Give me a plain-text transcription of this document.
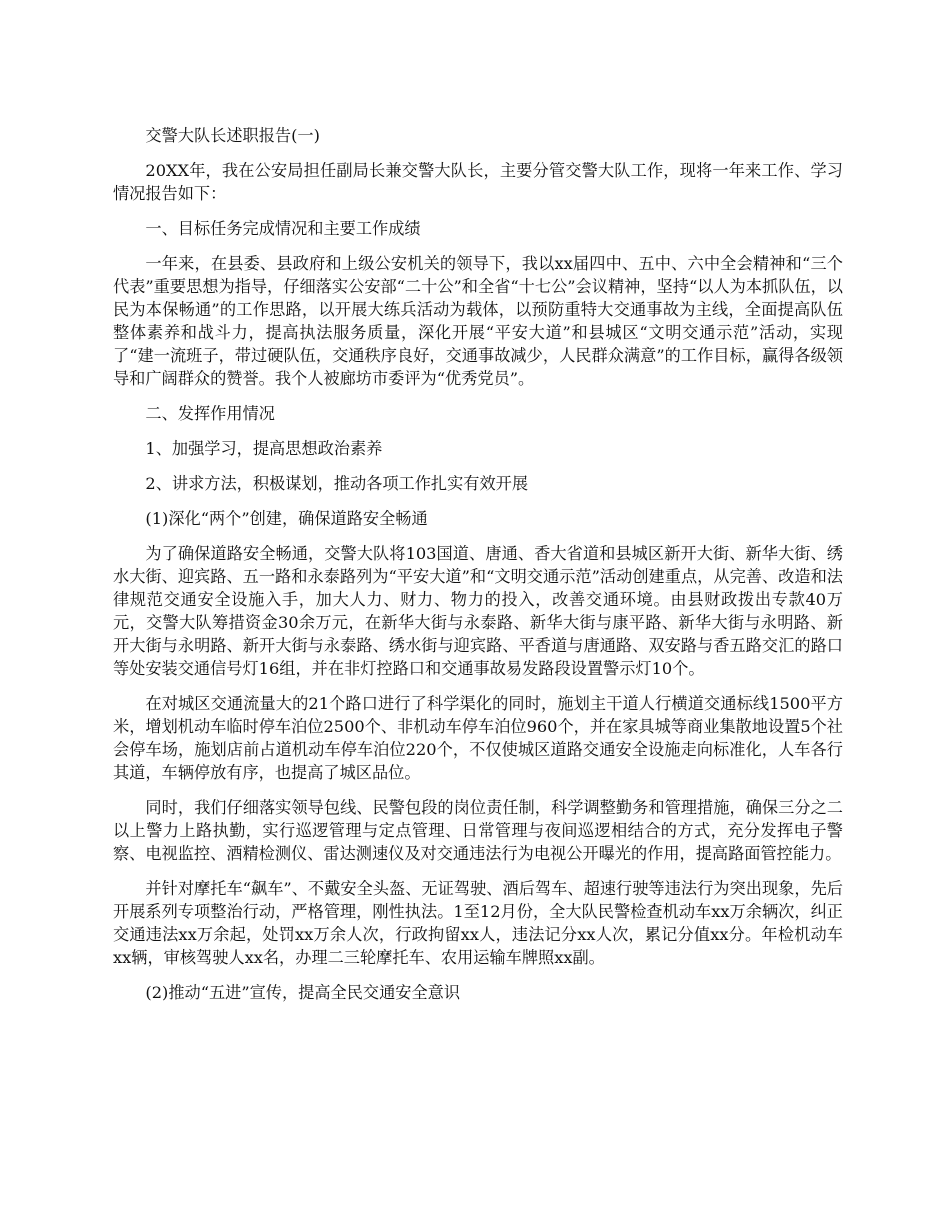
交警大队长述职报告(一)

20XX年，我在公安局担任副局长兼交警大队长，主要分管交警大队工作，现将一年来工作、学习情况报告如下：

一、目标任务完成情况和主要工作成绩

一年来，在县委、县政府和上级公安机关的领导下，我以xx届四中、五中、六中全会精神和“三个代表”重要思想为指导，仔细落实公安部“二十公”和全省“十七公”会议精神，坚持“以人为本抓队伍，以民为本保畅通”的工作思路，以开展大练兵活动为载体，以预防重特大交通事故为主线，全面提高队伍整体素养和战斗力，提高执法服务质量，深化开展“平安大道”和县城区“文明交通示范”活动，实现了“建一流班子，带过硬队伍，交通秩序良好，交通事故减少，人民群众满意”的工作目标，赢得各级领导和广阔群众的赞誉。我个人被廊坊市委评为“优秀党员”。

二、发挥作用情况

1、加强学习，提高思想政治素养

2、讲求方法，积极谋划，推动各项工作扎实有效开展

(1)深化“两个”创建，确保道路安全畅通

为了确保道路安全畅通，交警大队将103国道、唐通、香大省道和县城区新开大街、新华大街、绣水大街、迎宾路、五一路和永泰路列为“平安大道”和“文明交通示范”活动创建重点，从完善、改造和法律规范交通安全设施入手，加大人力、财力、物力的投入，改善交通环境。由县财政拨出专款40万元，交警大队筹措资金30余万元，在新华大街与永泰路、新华大街与康平路、新华大街与永明路、新开大街与永明路、新开大街与永泰路、绣水街与迎宾路、平香道与唐通路、双安路与香五路交汇的路口等处安装交通信号灯16组，并在非灯控路口和交通事故易发路段设置警示灯10个。

在对城区交通流量大的21个路口进行了科学渠化的同时，施划主干道人行横道交通标线1500平方米，增划机动车临时停车泊位2500个、非机动车停车泊位960个，并在家具城等商业集散地设置5个社会停车场，施划店前占道机动车停车泊位220个，不仅使城区道路交通安全设施走向标准化，人车各行其道，车辆停放有序，也提高了城区品位。

同时，我们仔细落实领导包线、民警包段的岗位责任制，科学调整勤务和管理措施，确保三分之二以上警力上路执勤，实行巡逻管理与定点管理、日常管理与夜间巡逻相结合的方式，充分发挥电子警察、电视监控、酒精检测仪、雷达测速仪及对交通违法行为电视公开曝光的作用，提高路面管控能力。

并针对摩托车“飙车”、不戴安全头盔、无证驾驶、酒后驾车、超速行驶等违法行为突出现象，先后开展系列专项整治行动，严格管理，刚性执法。1至12月份，全大队民警检查机动车xx万余辆次，纠正交通违法xx万余起，处罚xx万余人次，行政拘留xx人，违法记分xx人次，累记分值xx分。年检机动车xx辆，审核驾驶人xx名，办理二三轮摩托车、农用运输车牌照xx副。

(2)推动“五进”宣传，提高全民交通安全意识
